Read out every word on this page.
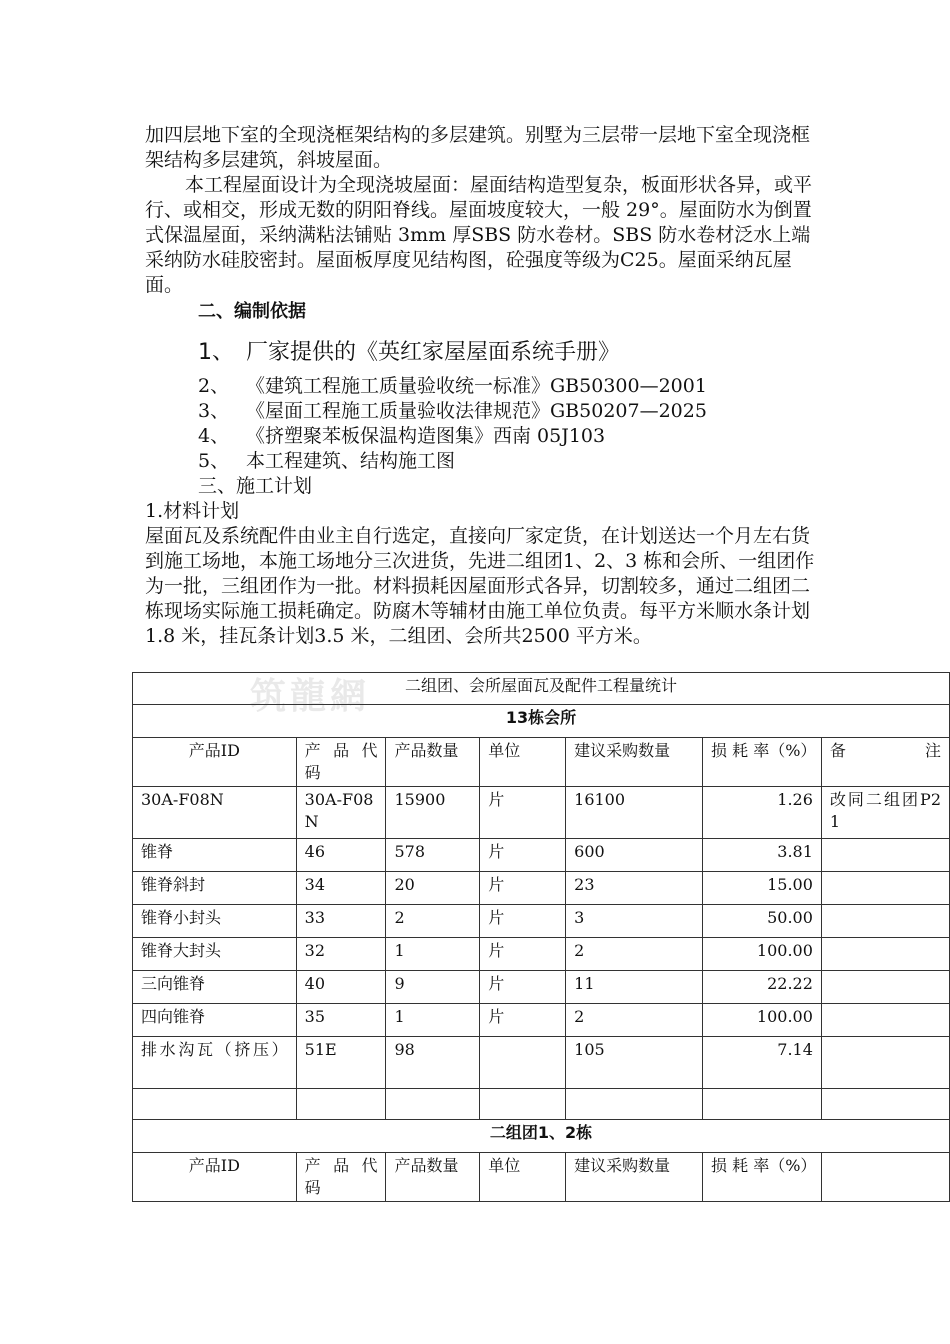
加四层地下室的全现浇框架结构的多层建筑。别墅为三层带一层地下室全现浇框架结构多层建筑，斜坡屋面。

本工程屋面设计为全现浇坡屋面：屋面结构造型复杂，板面形状各异，或平行、或相交，形成无数的阴阳脊线。屋面坡度较大，一般 29°。屋面防水为倒置式保温屋面，采纳满粘法铺贴 3mm 厚SBS 防水卷材。SBS 防水卷材泛水上端采纳防水硅胶密封。屋面板厚度见结构图，砼强度等级为C25。屋面采纳瓦屋面。

二、编制依据
1、 厂家提供的《英红家屋屋面系统手册》
2、 《建筑工程施工质量验收统一标准》GB50300—2001
3、 《屋面工程施工质量验收法律规范》GB50207—2025
4、 《挤塑聚苯板保温构造图集》西南 05J103
5、 本工程建筑、结构施工图
三、施工计划
1.材料计划

屋面瓦及系统配件由业主自行选定，直接向厂家定货，在计划送达一个月左右货到施工场地，本施工场地分三次进货，先进二组团1、2、3 栋和会所、一组团作为一批，三组团作为一批。材料损耗因屋面形式各异，切割较多，通过二组团二栋现场实际施工损耗确定。防腐木等辅材由施工单位负责。每平方米顺水条计划 1.8 米，挂瓦条计划3.5 米，二组团、会所共2500 平方米。

筑龍網 二组团、会所屋面瓦及配件工程量统计						
13栋会所						
产品ID	产 品 代码	产品数量	单位	建议采购数量	损 耗 率（%）	备 注
30A-F08N	30A-F08N	15900	片	16100	1.26	改同二组团P21
锥脊	46	578	片	600	3.81	
锥脊斜封	34	20	片	23	15.00	
锥脊小封头	33	2	片	3	50.00	
锥脊大封头	32	1	片	2	100.00	
三向锥脊	40	9	片	11	22.22	
四向锥脊	35	1	片	2	100.00	
排水沟瓦（挤压）	51E	98		105	7.14	

二组团1、2栋						
产品ID	产 品 代码	产品数量	单位	建议采购数量	损 耗 率（%）	
